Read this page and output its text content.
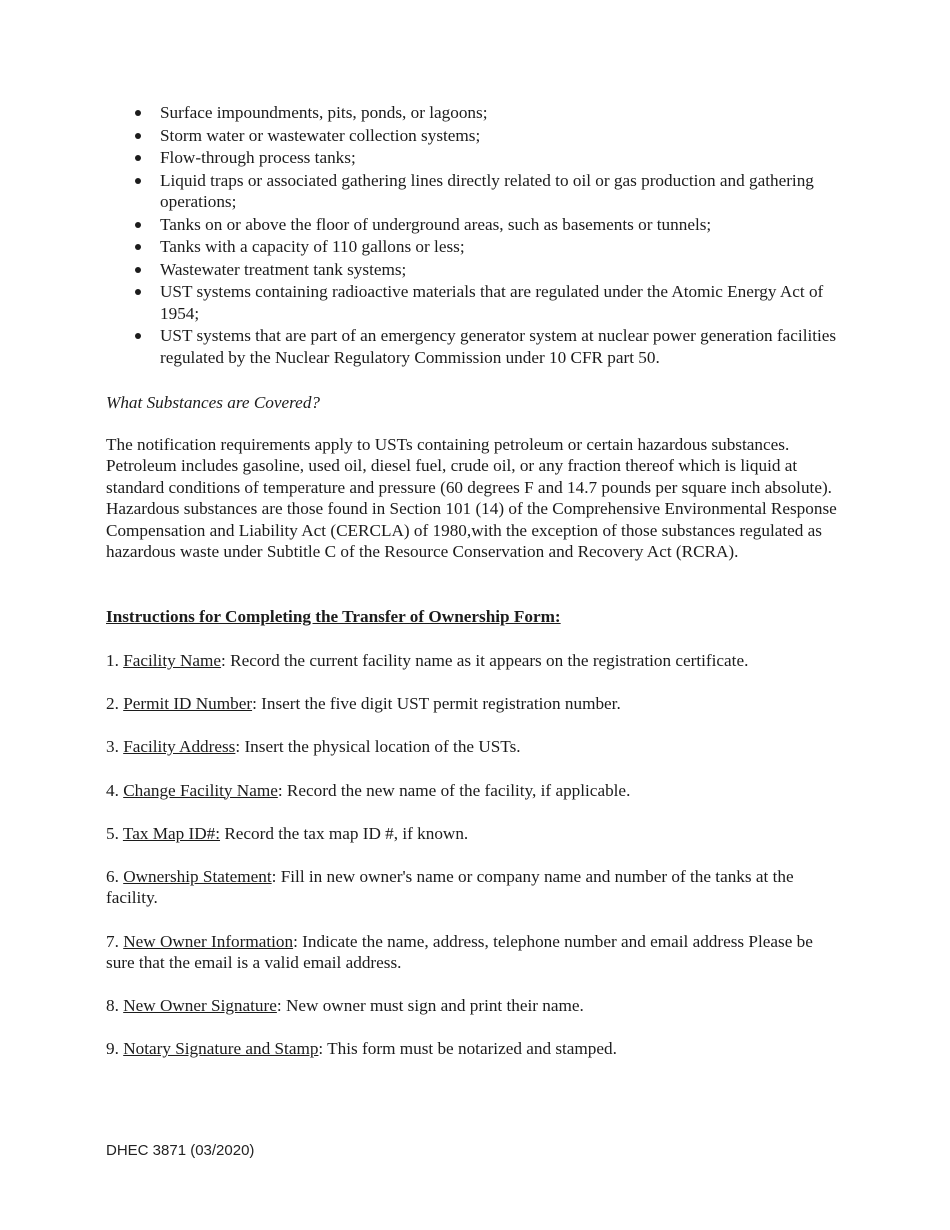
Surface impoundments, pits, ponds, or lagoons;
Storm water or wastewater collection systems;
Flow-through process tanks;
Liquid traps or associated gathering lines directly related to oil or gas production and gathering operations;
Tanks on or above the floor of underground areas, such as basements or tunnels;
Tanks with a capacity of 110 gallons or less;
Wastewater treatment tank systems;
UST systems containing radioactive materials that are regulated under the Atomic Energy Act of 1954;
UST systems that are part of an emergency generator system at nuclear power generation facilities regulated by the Nuclear Regulatory Commission under 10 CFR part 50.
What Substances are Covered?

The notification requirements apply to USTs containing petroleum or certain hazardous substances. Petroleum includes gasoline, used oil, diesel fuel, crude oil, or any fraction thereof which is liquid at standard conditions of temperature and pressure (60 degrees F and 14.7 pounds per square inch absolute). Hazardous substances are those found in Section 101 (14) of the Comprehensive Environmental Response Compensation and Liability Act (CERCLA) of 1980,with the exception of those substances regulated as hazardous waste under Subtitle C of the Resource Conservation and Recovery Act (RCRA).

Instructions for Completing the Transfer of Ownership Form:
1. Facility Name: Record the current facility name as it appears on the registration certificate.
2. Permit ID Number: Insert the five digit UST permit registration number.
3. Facility Address: Insert the physical location of the USTs.
4. Change Facility Name: Record the new name of the facility, if applicable.
5. Tax Map ID#: Record the tax map ID #, if known.
6. Ownership Statement: Fill in new owner's name or company name and number of the tanks at the facility.
7. New Owner Information: Indicate the name, address, telephone number and email address Please be sure that the email is a valid email address.
8. New Owner Signature: New owner must sign and print their name.
9. Notary Signature and Stamp: This form must be notarized and stamped.
DHEC 3871 (03/2020)
